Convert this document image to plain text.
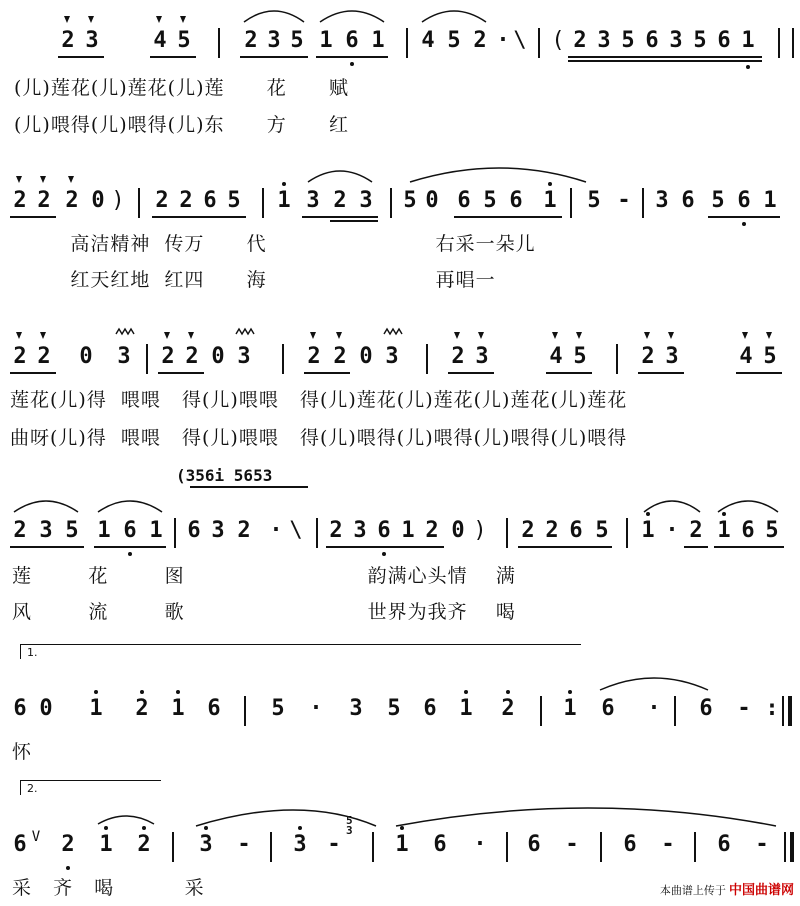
2 3 4 5 2 3 5 1 6 1 4 5 2 · \ ( 2 3 5 6 3 5 6 1
(儿)莲花(儿)莲花(儿)莲      花      赋
(儿)喂得(儿)喂得(儿)东      方      红
2 2 2 0 ) 2 2 6 5 1 3 2 3 5 0 6 5 6 1 5 - 3 6 5 6 1
高洁精神  传万      代                        右采一朵儿
红天红地  红四      海                        再唱一
2 2 0 3 2 2 0 3	2 2 0 3 2 3	4 5 2 3	4 5
莲花(儿)得  喂喂   得(儿)喂喂   得(儿)莲花(儿)莲花(儿)莲花(儿)莲花
曲呀(儿)得  喂喂   得(儿)喂喂   得(儿)喂得(儿)喂得(儿)喂得(儿)喂得
(356i 5653
2 3 5 1 6 1 6 3 2 · \ 2 3 6 1 2 0 ) 2 2 6 5 1 · 2 1 6 5
莲        花        图                          韵满心头情    满
风        流        歌                          世界为我齐    喝
1.
6 0 1 2 1 6 5 · 3 5 6 1 2 1 6 · 6 - :
怀
2.
6 V 2 1 2 3 - 3 -
5
3
1 6 · 6 - 6 - 6 -
采   齐   喝          采	本曲谱上传于 中国曲谱网
